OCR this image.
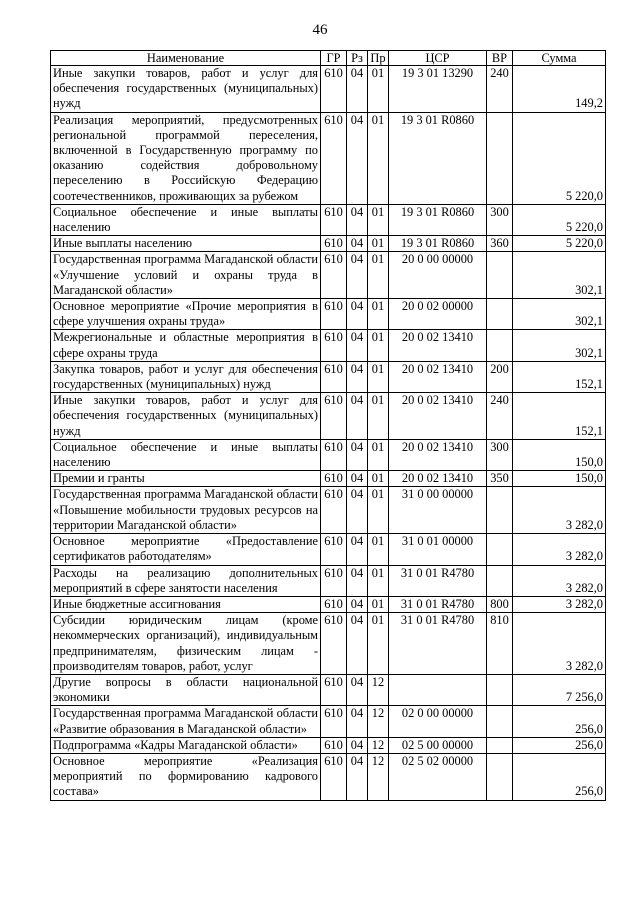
46
Наименование	ГР	Рз	Пр	ЦСР	ВР	Сумма
Иные закупки товаров, работ и услуг для обеспечения государственных (муниципальных) нужд	610	04	01	19 3 01 13290	240	149,2
Реализация мероприятий, предусмотренных региональной программой переселения, включенной в Государственную программу по оказанию содействия добровольному переселению в Российскую Федерацию соотечественников, проживающих за рубежом	610	04	01	19 3 01 R0860		5 220,0
Социальное обеспечение и иные выплаты населению	610	04	01	19 3 01 R0860	300	5 220,0
Иные выплаты населению	610	04	01	19 3 01 R0860	360	5 220,0
Государственная программа Магаданской области «Улучшение условий и охраны труда в Магаданской области»	610	04	01	20 0 00 00000		302,1
Основное мероприятие «Прочие мероприятия в сфере улучшения охраны труда»	610	04	01	20 0 02 00000		302,1
Межрегиональные и областные мероприятия в сфере охраны труда	610	04	01	20 0 02 13410		302,1
Закупка товаров, работ и услуг для обеспечения государственных (муниципальных) нужд	610	04	01	20 0 02 13410	200	152,1
Иные закупки товаров, работ и услуг для обеспечения государственных (муниципальных) нужд	610	04	01	20 0 02 13410	240	152,1
Социальное обеспечение и иные выплаты населению	610	04	01	20 0 02 13410	300	150,0
Премии и гранты	610	04	01	20 0 02 13410	350	150,0
Государственная программа Магаданской области «Повышение мобильности трудовых ресурсов на территории Магаданской области»	610	04	01	31 0 00 00000		3 282,0
Основное мероприятие «Предоставление сертификатов работодателям»	610	04	01	31 0 01 00000		3 282,0
Расходы на реализацию дополнительных мероприятий в сфере занятости населения	610	04	01	31 0 01 R4780		3 282,0
Иные бюджетные ассигнования	610	04	01	31 0 01 R4780	800	3 282,0
Субсидии юридическим лицам (кроме некоммерческих организаций), индивидуальным предпринимателям, физическим лицам - производителям товаров, работ, услуг	610	04	01	31 0 01 R4780	810	3 282,0
Другие вопросы в области национальной экономики	610	04	12			7 256,0
Государственная программа Магаданской области «Развитие образования в Магаданской области»	610	04	12	02 0 00 00000		256,0
Подпрограмма «Кадры Магаданской области»	610	04	12	02 5 00 00000		256,0
Основное мероприятие «Реализация мероприятий по формированию кадрового состава»	610	04	12	02 5 02 00000		256,0
